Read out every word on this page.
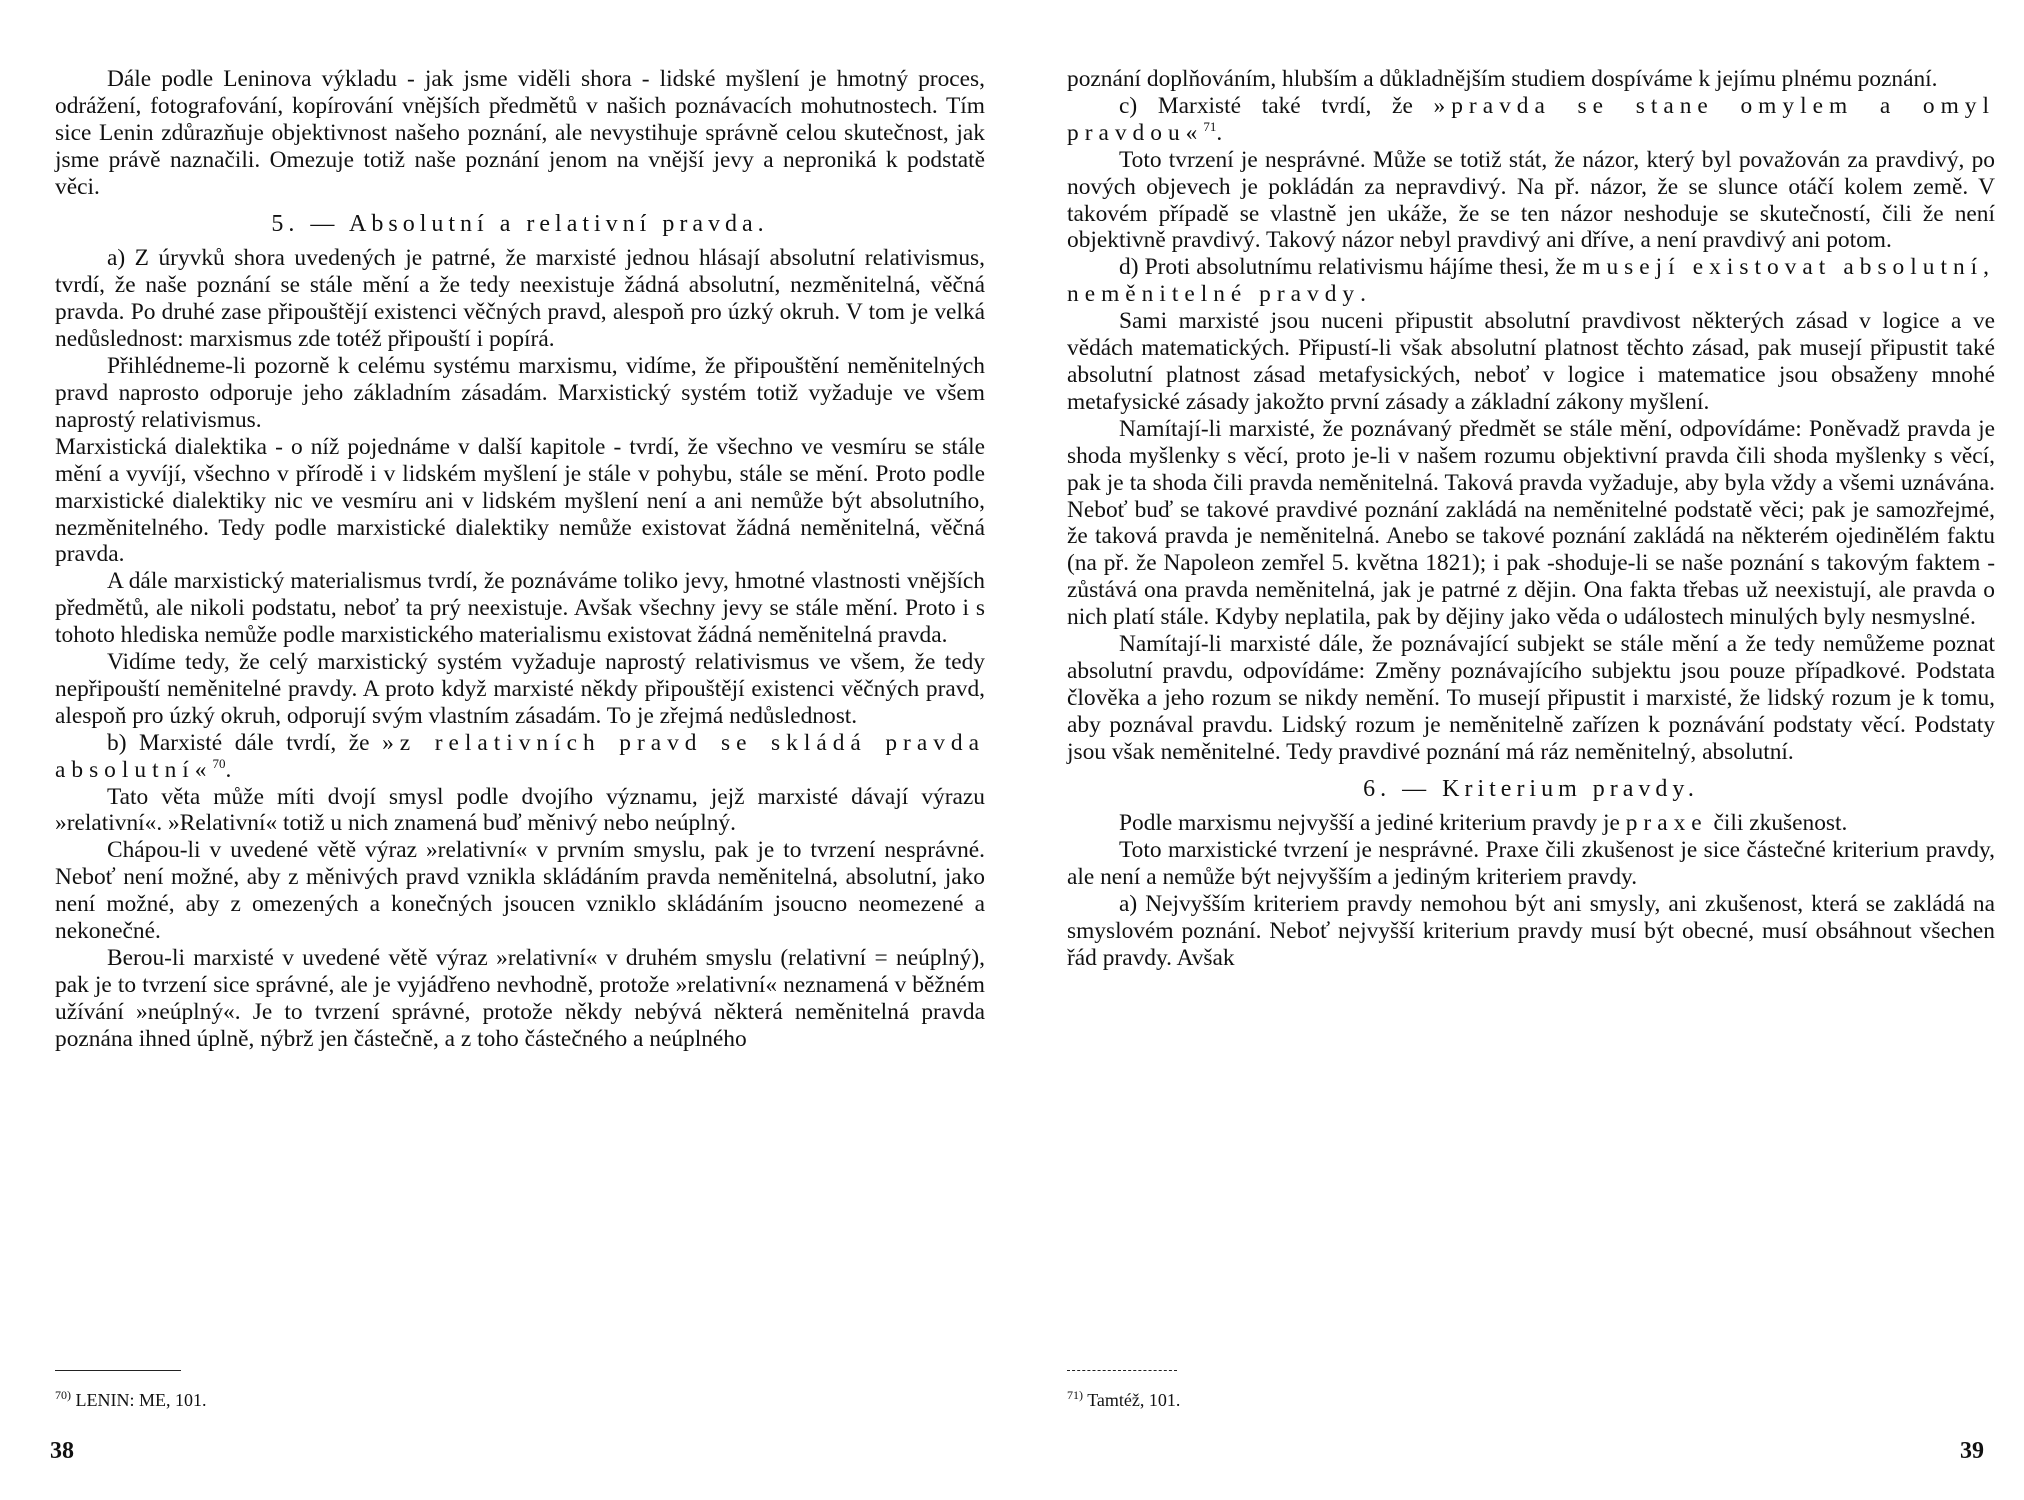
Dále podle Leninova výkladu - jak jsme viděli shora - lidské myšlení je hmotný proces, odrážení, fotografování, kopírování vnějších předmětů v našich poznávacích mohutnostech. Tím sice Lenin zdůrazňuje objektivnost našeho poznání, ale nevystihuje správně celou skutečnost, jak jsme právě naznačili. Omezuje totiž naše poznání jenom na vnější jevy a neproniká k podstatě věci.

5. — Absolutní a relativní pravda.

a) Z úryvků shora uvedených je patrné, že marxisté jednou hlásají absolutní relativismus, tvrdí, že naše poznání se stále mění a že tedy neexistuje žádná absolutní, nezměnitelná, věčná pravda. Po druhé zase připouštějí existenci věčných pravd, alespoň pro úzký okruh. V tom je velká nedůslednost: marxismus zde totéž připouští i popírá.

Přihlédneme-li pozorně k celému systému marxismu, vidíme, že připouštění neměnitelných pravd naprosto odporuje jeho základním zásadám. Marxistický systém totiž vyžaduje ve všem naprostý relativismus.

Marxistická dialektika - o níž pojednáme v další kapitole - tvrdí, že všechno ve vesmíru se stále mění a vyvíjí, všechno v přírodě i v lidském myšlení je stále v pohybu, stále se mění. Proto podle marxistické dialektiky nic ve vesmíru ani v lidském myšlení není a ani nemůže být absolutního, nezměnitelného. Tedy podle marxistické dialektiky nemůže existovat žádná neměnitelná, věčná pravda.

A dále marxistický materialismus tvrdí, že poznáváme toliko jevy, hmotné vlastnosti vnějších předmětů, ale nikoli podstatu, neboť ta prý neexistuje. Avšak všechny jevy se stále mění. Proto i s tohoto hlediska nemůže podle marxistického materialismu existovat žádná neměnitelná pravda.

Vidíme tedy, že celý marxistický systém vyžaduje naprostý relativismus ve všem, že tedy nepřipouští neměnitelné pravdy. A proto když marxisté někdy připouštějí existenci věčných pravd, alespoň pro úzký okruh, odporují svým vlastním zásadám. To je zřejmá nedůslednost.

b) Marxisté dále tvrdí, že »z relativních pravd se skládá pravda absolutní«$^{70}$.

Tato věta může míti dvojí smysl podle dvojího významu, jejž marxisté dávají výrazu »relativní«. »Relativní« totiž u nich znamená buď měnivý nebo neúplný.

Chápou-li v uvedené větě výraz »relativní« v prvním smyslu, pak je to tvrzení nesprávné. Neboť není možné, aby z měnivých pravd vznikla skládáním pravda neměnitelná, absolutní, jako není možné, aby z omezených a konečných jsoucen vzniklo skládáním jsoucno neomezené a nekonečné.

Berou-li marxisté v uvedené větě výraz »relativní« v druhém smyslu (relativní = neúplný), pak je to tvrzení sice správné, ale je vyjádřeno nevhodně, protože »relativní« neznamená v běžném užívání »neúplný«. Je to tvrzení správné, protože někdy nebývá některá neměnitelná pravda poznána ihned úplně, nýbrž jen částečně, a z toho částečného a neúplného

$^{70)}$ LENIN: ME, 101.
38

poznání doplňováním, hlubším a důkladnějším studiem dospíváme k jejímu plnému poznání.

c) Marxisté také tvrdí, že »pravda se stane omylem a omyl pravdou«$^{71}$.

Toto tvrzení je nesprávné. Může se totiž stát, že názor, který byl považován za pravdivý, po nových objevech je pokládán za nepravdivý. Na př. názor, že se slunce otáčí kolem země. V takovém případě se vlastně jen ukáže, že se ten názor neshoduje se skutečností, čili že není objektivně pravdivý. Takový názor nebyl pravdivý ani dříve, a není pravdivý ani potom.

d) Proti absolutnímu relativismu hájíme thesi, že musejí existovat absolutní, neměnitelné pravdy.

Sami marxisté jsou nuceni připustit absolutní pravdivost některých zásad v logice a ve vědách matematických. Připustí-li však absolutní platnost těchto zásad, pak musejí připustit také absolutní platnost zásad metafysických, neboť v logice i matematice jsou obsaženy mnohé metafysické zásady jakožto první zásady a základní zákony myšlení.

Namítají-li marxisté, že poznávaný předmět se stále mění, odpovídáme: Poněvadž pravda je shoda myšlenky s věcí, proto je-li v našem rozumu objektivní pravda čili shoda myšlenky s věcí, pak je ta shoda čili pravda neměnitelná. Taková pravda vyžaduje, aby byla vždy a všemi uznávána. Neboť buď se takové pravdivé poznání zakládá na neměnitelné podstatě věci; pak je samozřejmé, že taková pravda je neměnitelná. Anebo se takové poznání zakládá na některém ojedinělém faktu (na př. že Napoleon zemřel 5. května 1821); i pak -shoduje-li se naše poznání s takovým faktem - zůstává ona pravda neměnitelná, jak je patrné z dějin. Ona fakta třebas už neexistují, ale pravda o nich platí stále. Kdyby neplatila, pak by dějiny jako věda o událostech minulých byly nesmyslné.

Namítají-li marxisté dále, že poznávající subjekt se stále mění a že tedy nemůžeme poznat absolutní pravdu, odpovídáme: Změny poznávajícího subjektu jsou pouze případkové. Podstata člověka a jeho rozum se nikdy nemění. To musejí připustit i marxisté, že lidský rozum je k tomu, aby poznával pravdu. Lidský rozum je neměnitelně zařízen k poznávání podstaty věcí. Podstaty jsou však neměnitelné. Tedy pravdivé poznání má ráz neměnitelný, absolutní.

6. — Kriterium pravdy.

Podle marxismu nejvyšší a jediné kriterium pravdy je praxe čili zkušenost.

Toto marxistické tvrzení je nesprávné. Praxe čili zkušenost je sice částečné kriterium pravdy, ale není a nemůže být nejvyšším a jediným kriteriem pravdy.

a) Nejvyšším kriteriem pravdy nemohou být ani smysly, ani zkušenost, která se zakládá na smyslovém poznání. Neboť nejvyšší kriterium pravdy musí být obecné, musí obsáhnout všechen řád pravdy. Avšak

$^{71)}$ Tamtéž, 101.
39
